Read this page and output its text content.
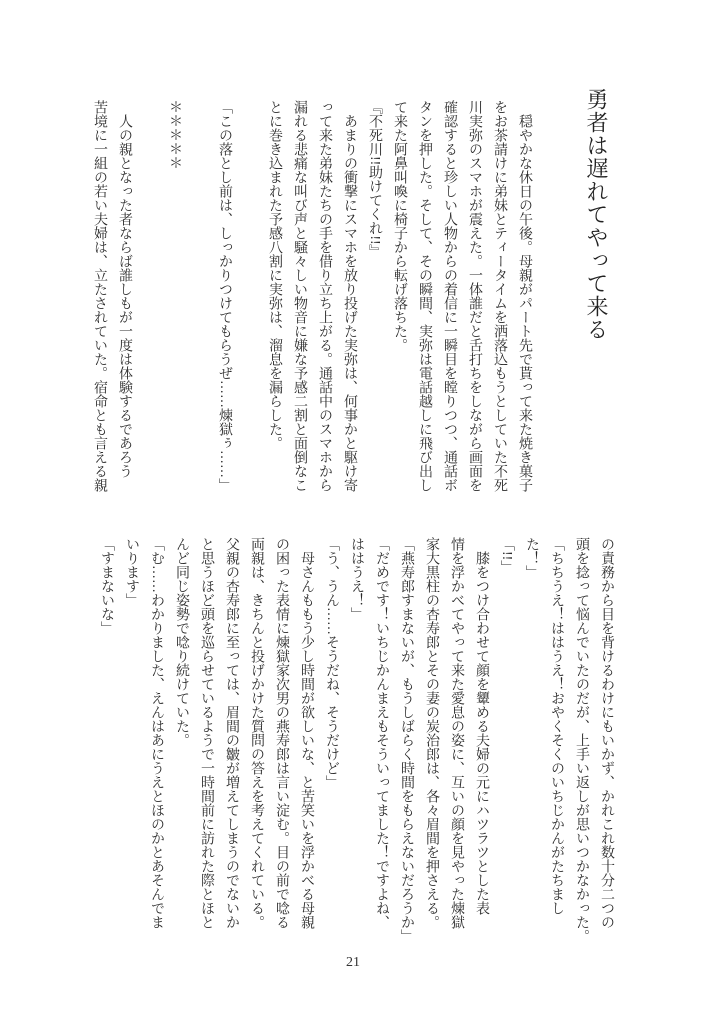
勇者は遅れてやって来る
　穏やかな休日の午後。母親がパート先で貰って来た焼き菓子
をお茶請けに弟妹とティータイムを洒落込もうとしていた不死
川実弥のスマホが震えた。一体誰だと舌打ちをしながら画面を
確認すると珍しい人物からの着信に一瞬目を瞠りつつ、通話ボ
タンを押した。そして、その瞬間、実弥は電話越しに飛び出し
て来た阿鼻叫喚に椅子から転げ落ちた。
『不死川!!助けてくれ!!』
　あまりの衝撃にスマホを放り投げた実弥は、何事かと駆け寄
って来た弟妹たちの手を借り立ち上がる。通話中のスマホから
漏れる悲痛な叫び声と騒々しい物音に嫌な予感二割と面倒なこ
とに巻き込まれた予感八割に実弥は、溜息を漏らした。
「この落とし前は、しっかりつけてもらうぜ……煉獄ぅ……」
＊＊＊＊＊
　人の親となった者ならば誰しもが一度は体験するであろう
苦境に一組の若い夫婦は、立たされていた。宿命とも言える親
の責務から目を背けるわけにもいかず、かれこれ数十分二つの
頭を捻って悩んでいたのだが、上手い返しが思いつかなかった。
「ちちうえ！ははうえ！おやくそくのいちじかんがたちまし
た！」
「!!」
　膝をつけ合わせて顔を顰める夫婦の元にハツラツとした表
情を浮かべてやって来た愛息の姿に、互いの顔を見やった煉獄
家大黒柱の杏寿郎とその妻の炭治郎は、各々眉間を押さえる。
「燕寿郎すまないが、もうしばらく時間をもらえないだろうか」
「だめです！いちじかんまえもそういってました！ですよね、
ははうえ！」
「う、うん……そうだね、そうだけど」
　母さんももう少し時間が欲しいな、と苦笑いを浮かべる母親
の困った表情に煉獄家次男の燕寿郎は言い淀む。目の前で唸る
両親は、きちんと投げかけた質問の答えを考えてくれている。
父親の杏寿郎に至っては、眉間の皺が増えてしまうのでないか
と思うほど頭を巡らせているようで一時間前に訪れた際とほと
んど同じ姿勢で唸り続けていた。
「む……わかりました、えんはあにうえとほのかとあそんでま
いります」
「すまないな」
21
